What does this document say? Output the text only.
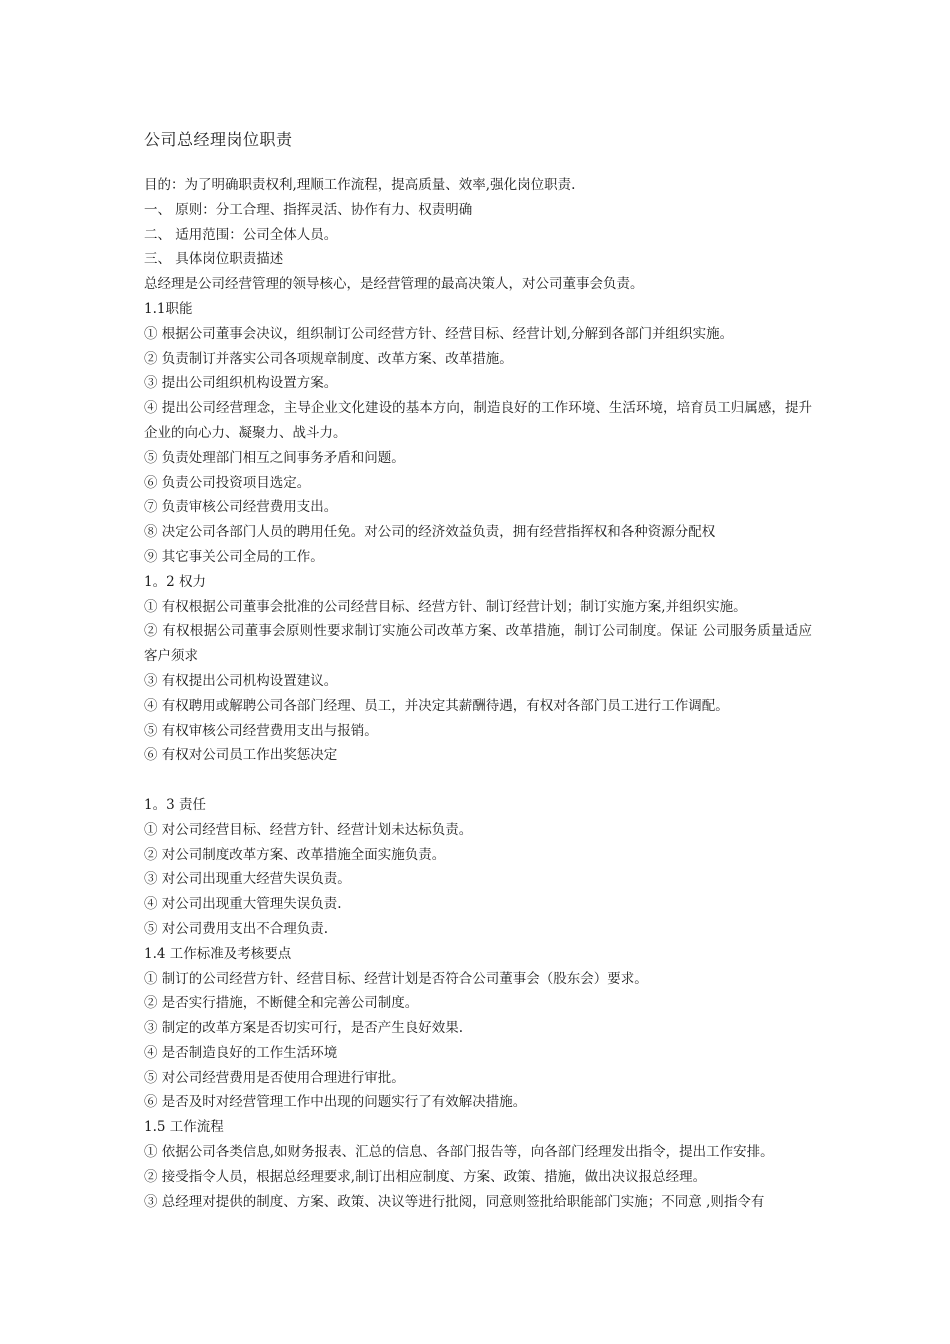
公司总经理岗位职责
目的：为了明确职责权利,理顺工作流程，提高质量、效率,强化岗位职责.
一、 原则：分工合理、指挥灵活、协作有力、权责明确
二、 适用范围：公司全体人员。
三、 具体岗位职责描述
总经理是公司经营管理的领导核心，是经营管理的最高决策人，对公司董事会负责。
1.1职能
① 根据公司董事会决议，组织制订公司经营方针、经营目标、经营计划,分解到各部门并组织实施。
② 负责制订并落实公司各项规章制度、改革方案、改革措施。
③ 提出公司组织机构设置方案。
④ 提出公司经营理念，主导企业文化建设的基本方向，制造良好的工作环境、生活环境，培育员工归属感，提升企业的向心力、凝聚力、战斗力。
⑤ 负责处理部门相互之间事务矛盾和问题。
⑥ 负责公司投资项目选定。
⑦ 负责审核公司经营费用支出。
⑧ 决定公司各部门人员的聘用任免。对公司的经济效益负责，拥有经营指挥权和各种资源分配权
⑨ 其它事关公司全局的工作。
1。2 权力
① 有权根据公司董事会批准的公司经营目标、经营方针、制订经营计划；制订实施方案,并组织实施。
② 有权根据公司董事会原则性要求制订实施公司改革方案、改革措施，制订公司制度。保证 公司服务质量适应客户须求
③ 有权提出公司机构设置建议。
④ 有权聘用或解聘公司各部门经理、员工，并决定其薪酬待遇，有权对各部门员工进行工作调配。
⑤ 有权审核公司经营费用支出与报销。
⑥ 有权对公司员工作出奖惩决定
1。3 责任
① 对公司经营目标、经营方针、经营计划未达标负责。
② 对公司制度改革方案、改革措施全面实施负责。
③ 对公司出现重大经营失误负责。
④ 对公司出现重大管理失误负责.
⑤ 对公司费用支出不合理负责.
1.4 工作标准及考核要点
① 制订的公司经营方针、经营目标、经营计划是否符合公司董事会（股东会）要求。
② 是否实行措施，不断健全和完善公司制度。
③ 制定的改革方案是否切实可行，是否产生良好效果.
④ 是否制造良好的工作生活环境
⑤ 对公司经营费用是否使用合理进行审批。
⑥ 是否及时对经营管理工作中出现的问题实行了有效解决措施。
1.5 工作流程
① 依据公司各类信息,如财务报表、汇总的信息、各部门报告等，向各部门经理发出指令，提出工作安排。
② 接受指令人员，根据总经理要求,制订出相应制度、方案、政策、措施，做出决议报总经理。
③ 总经理对提供的制度、方案、政策、决议等进行批阅，同意则签批给职能部门实施；不同意 ,则指令有
